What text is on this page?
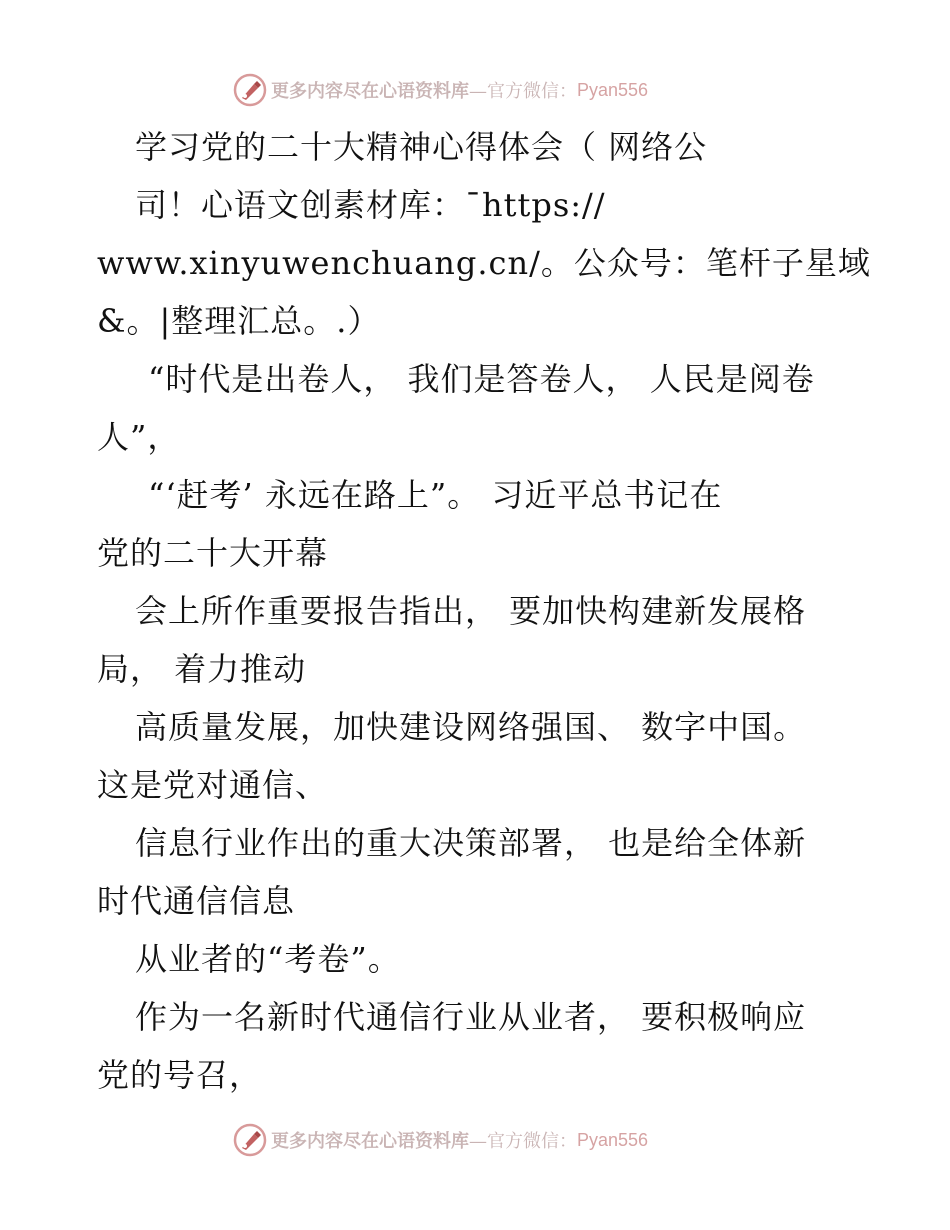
更多内容尽在心语资料库 —官方微信： Pyan556
学习党的二十大精神心得体会（ 网络公
司！心语文创素材库：¯https://
www.xinyuwenchuang.cn/。公众号：笔杆子星域
&。|整理汇总。.）
“时代是出卷人， 我们是答卷人， 人民是阅卷
人”，
“‘赶考’ 永远在路上”。 习近平总书记在
党的二十大开幕
会上所作重要报告指出， 要加快构建新发展格
局， 着力推动
高质量发展，加快建设网络强国、 数字中国。
这是党对通信、
信息行业作出的重大决策部署， 也是给全体新
时代通信信息
从业者的“考卷”。
作为一名新时代通信行业从业者， 要积极响应
党的号召，
更多内容尽在心语资料库 —官方微信： Pyan556
